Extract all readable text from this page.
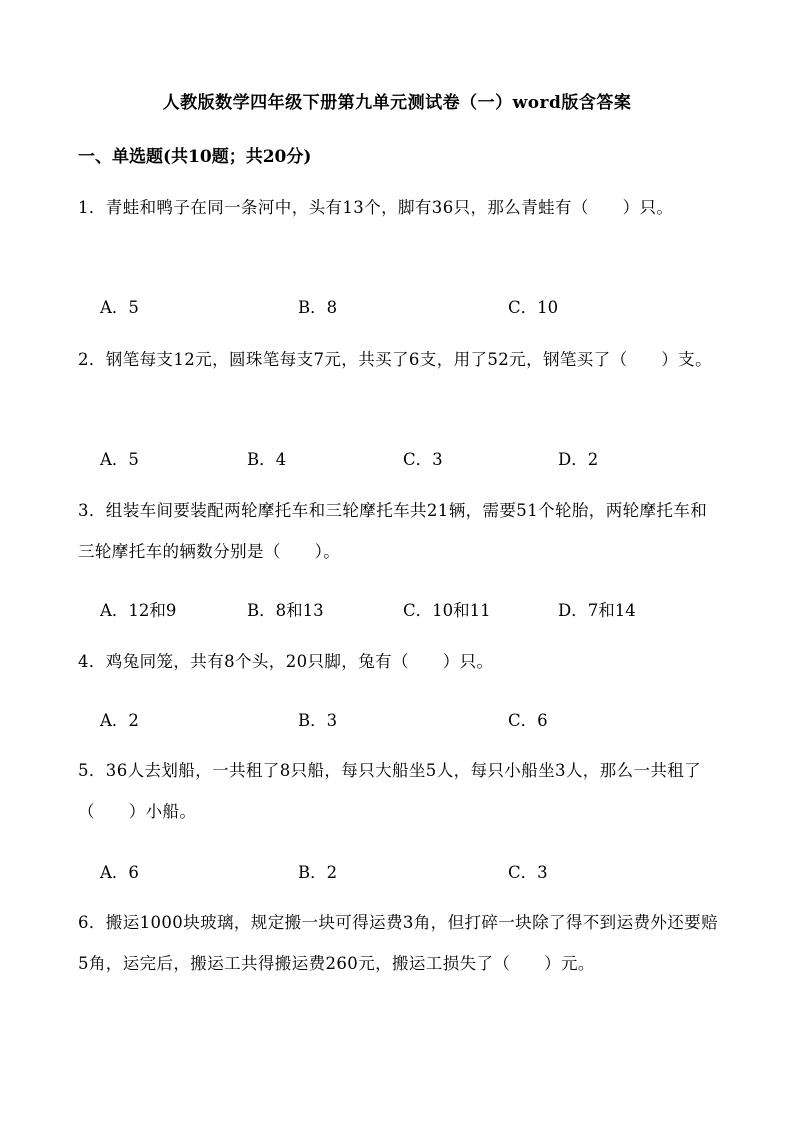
人教版数学四年级下册第九单元测试卷（一）word版含答案
一、单选题(共10题；共20分)
1．青蛙和鸭子在同一条河中，头有13个，脚有36只，那么青蛙有（　　）只。
A．5	B．8	C．10
2．钢笔每支12元，圆珠笔每支7元，共买了6支，用了52元，钢笔买了（　　）支。
A．5	B．4	C．3	D．2
3．组装车间要装配两轮摩托车和三轮摩托车共21辆，需要51个轮胎，两轮摩托车和三轮摩托车的辆数分别是（　　）。
A．12和9	B．8和13	C．10和11	D．7和14
4．鸡兔同笼，共有8个头，20只脚，兔有（　　）只。
A．2	B．3	C．6
5．36人去划船，一共租了8只船，每只大船坐5人，每只小船坐3人，那么一共租了（　　）小船。
A．6	B．2	C．3
6．搬运1000块玻璃，规定搬一块可得运费3角，但打碎一块除了得不到运费外还要赔5角，运完后，搬运工共得搬运费260元，搬运工损失了（　　）元。
